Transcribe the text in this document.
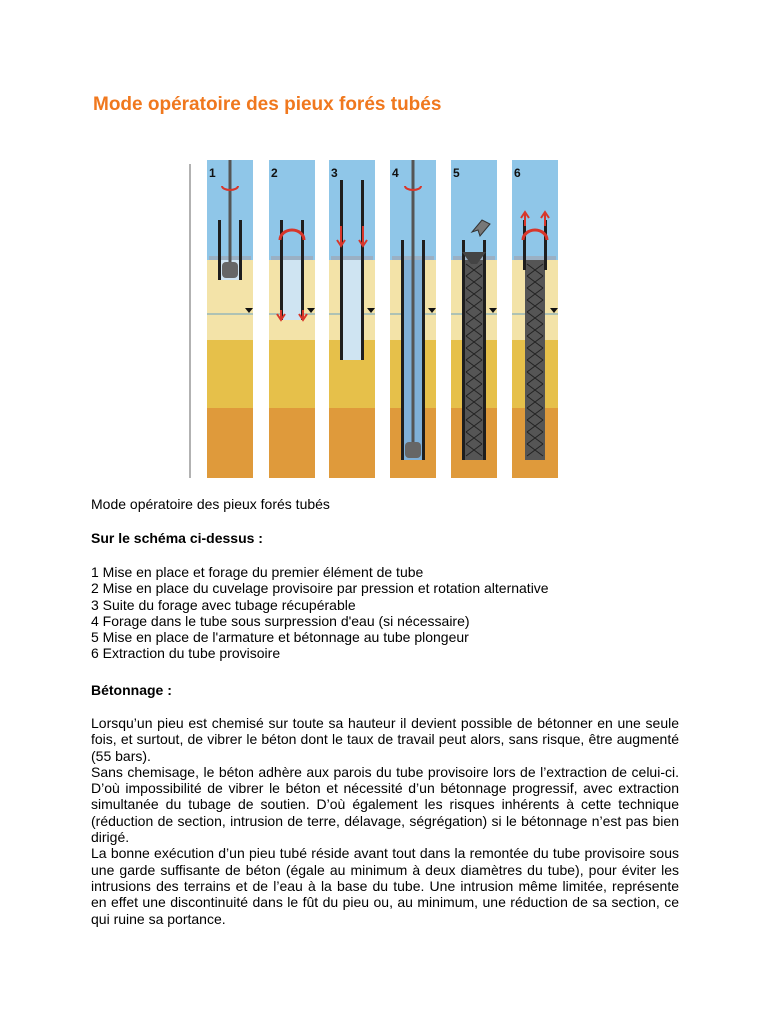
Mode opératoire des pieux forés tubés
1	2	3	4	5	6
Mode opératoire des pieux forés tubés
Sur le schéma ci-dessus :
1 Mise en place et forage du premier élément de tube
2 Mise en place du cuvelage provisoire par pression et rotation alternative
3 Suite du forage avec tubage récupérable
4 Forage dans le tube sous surpression d'eau (si nécessaire)
5 Mise en place de l'armature et bétonnage au tube plongeur
6 Extraction du tube provisoire
Bétonnage :

Lorsqu’un pieu est chemisé sur toute sa hauteur il devient possible de bétonner en une seule fois, et surtout, de vibrer le béton dont le taux de travail peut alors, sans risque, être augmenté (55 bars).

Sans chemisage, le béton adhère aux parois du tube provisoire lors de l’extraction de celui-ci. D’où impossibilité de vibrer le béton et nécessité d’un bétonnage progressif, avec extraction simultanée du tubage de soutien. D’où également les risques inhérents à cette technique (réduction de section, intrusion de terre, délavage, ségrégation) si le bétonnage n’est pas bien dirigé.

La bonne exécution d’un pieu tubé réside avant tout dans la remontée du tube provisoire sous une garde suffisante de béton (égale au minimum à deux diamètres du tube), pour éviter les intrusions des terrains et de l’eau à la base du tube. Une intrusion même limitée, représente en effet une discontinuité dans le fût du pieu ou, au minimum, une réduction de sa section, ce qui ruine sa portance.
